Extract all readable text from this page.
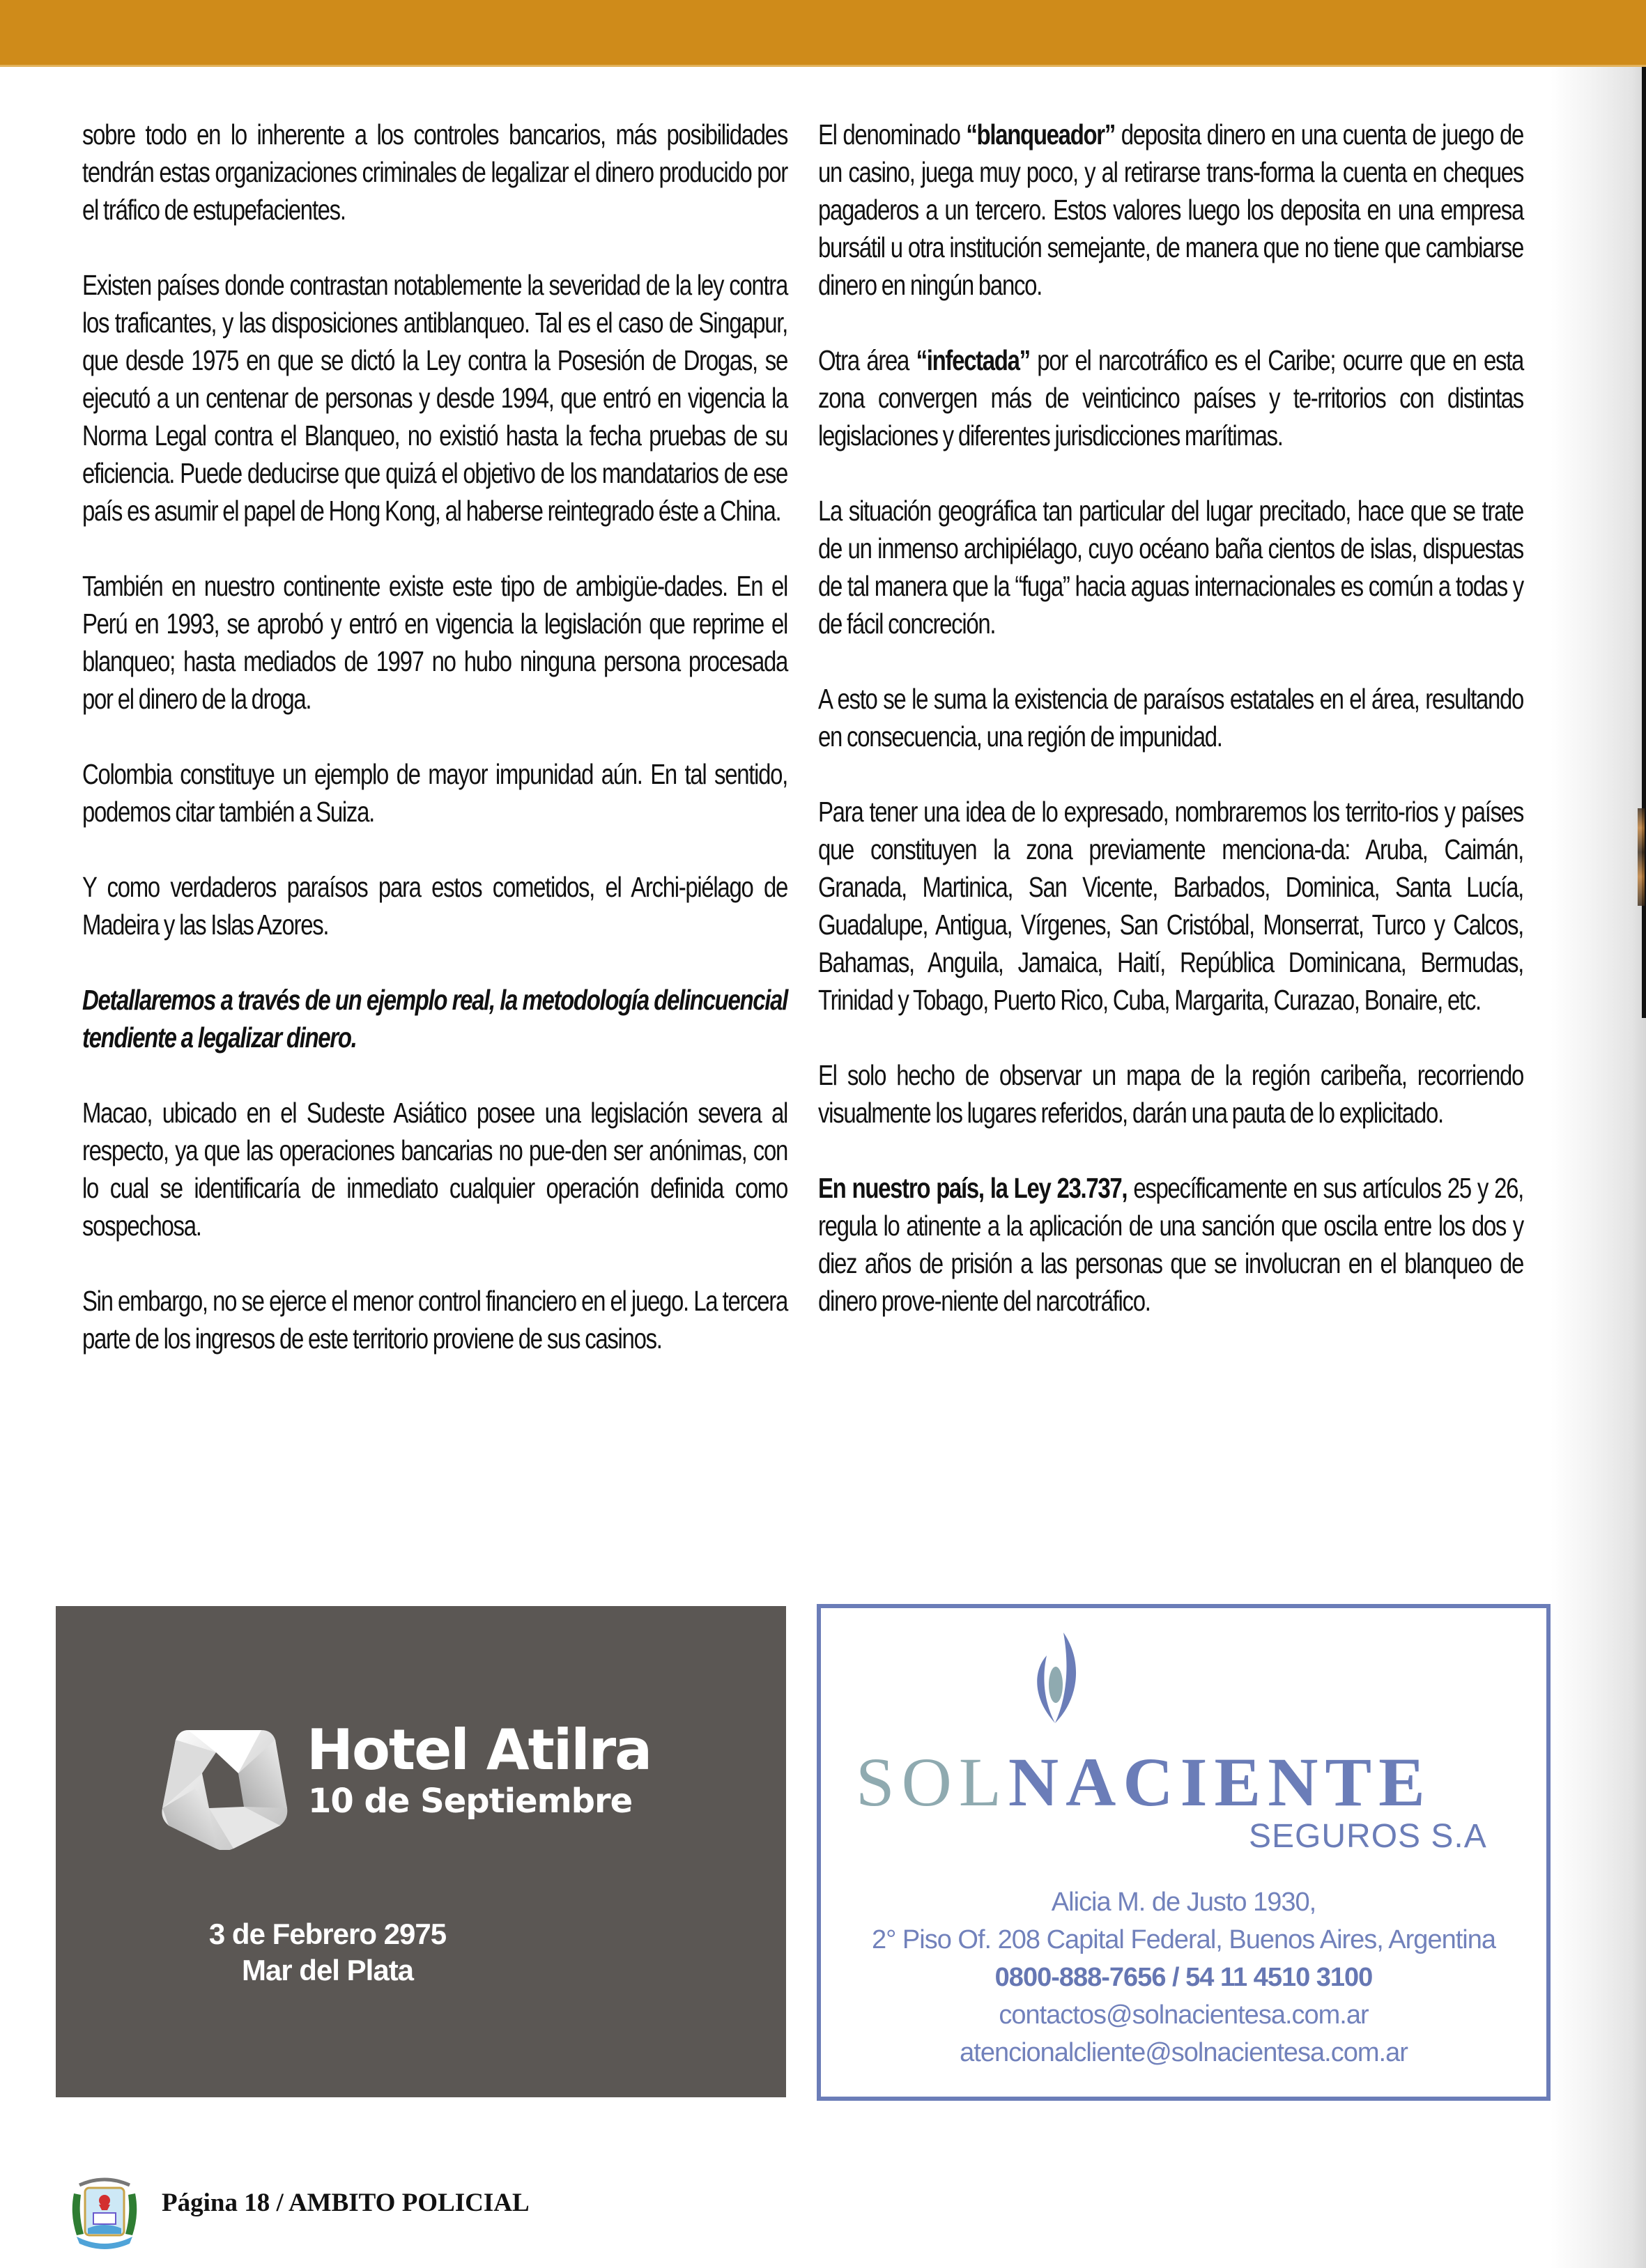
sobre todo en lo inherente a los controles bancarios, más posibilidades tendrán estas organizaciones criminales de legalizar el dinero producido por el tráfico de estupefacientes.

Existen países donde contrastan notablemente la severidad de la ley contra los traficantes, y las disposiciones antiblanqueo. Tal es el caso de Singapur, que desde 1975 en que se dictó la Ley contra la Posesión de Drogas, se ejecutó a un centenar de personas y desde 1994, que entró en vigencia la Norma Legal contra el Blanqueo, no existió hasta la fecha pruebas de su eficiencia. Puede deducirse que quizá el objetivo de los mandatarios de ese país es asumir el papel de Hong Kong, al haberse reintegrado éste a China.

También en nuestro continente existe este tipo de ambigüe-dades. En el Perú en 1993, se aprobó y entró en vigencia la legislación que reprime el blanqueo; hasta mediados de 1997 no hubo ninguna persona procesada por el dinero de la droga.

Colombia constituye un ejemplo de mayor impunidad aún. En tal sentido, podemos citar también a Suiza.

Y como verdaderos paraísos para estos cometidos, el Archi-piélago de Madeira y las Islas Azores.

Detallaremos a través de un ejemplo real, la metodología delincuencial tendiente a legalizar dinero.

Macao, ubicado en el Sudeste Asiático posee una legislación severa al respecto, ya que las operaciones bancarias no pue-den ser anónimas, con lo cual se identificaría de inmediato cualquier operación definida como sospechosa.

Sin embargo, no se ejerce el menor control financiero en el juego. La tercera parte de los ingresos de este territorio proviene de sus casinos.

El denominado “blanqueador” deposita dinero en una cuenta de juego de un casino, juega muy poco, y al retirarse trans-forma la cuenta en cheques pagaderos a un tercero. Estos valores luego los deposita en una empresa bursátil u otra institución semejante, de manera que no tiene que cambiarse dinero en ningún banco.

Otra área “infectada” por el narcotráfico es el Caribe; ocurre que en esta zona convergen más de veinticinco países y te-rritorios con distintas legislaciones y diferentes jurisdicciones marítimas.

La situación geográfica tan particular del lugar precitado, hace que se trate de un inmenso archipiélago, cuyo océano baña cientos de islas, dispuestas de tal manera que la “fuga” hacia aguas internacionales es común a todas y de fácil concreción.

A esto se le suma la existencia de paraísos estatales en el área, resultando en consecuencia, una región de impunidad.

Para tener una idea de lo expresado, nombraremos los territo-rios y países que constituyen la zona previamente menciona-da: Aruba, Caimán, Granada, Martinica, San Vicente, Barbados, Dominica, Santa Lucía, Guadalupe, Antigua, Vírgenes, San Cristóbal, Monserrat, Turco y Calcos, Bahamas, Anguila, Jamaica, Haití, República Dominicana, Bermudas, Trinidad y Tobago, Puerto Rico, Cuba, Margarita, Curazao, Bonaire, etc.

El solo hecho de observar un mapa de la región caribeña, recorriendo visualmente los lugares referidos, darán una pauta de lo explicitado.

En nuestro país, la Ley 23.737, específicamente en sus artículos 25 y 26, regula lo atinente a la aplicación de una sanción que oscila entre los dos y diez años de prisión a las personas que se involucran en el blanqueo de dinero prove-niente del narcotráfico.

Hotel Atilra
10 de Septiembre
3 de Febrero 2975
Mar del Plata
SOLNACIENTE
SEGUROS S.A
Alicia M. de Justo 1930,
2° Piso Of. 208 Capital Federal, Buenos Aires, Argentina
0800-888-7656 / 54 11 4510 3100
contactos@solnacientesa.com.ar
atencionalcliente@solnacientesa.com.ar
Página 18 / AMBITO POLICIAL
